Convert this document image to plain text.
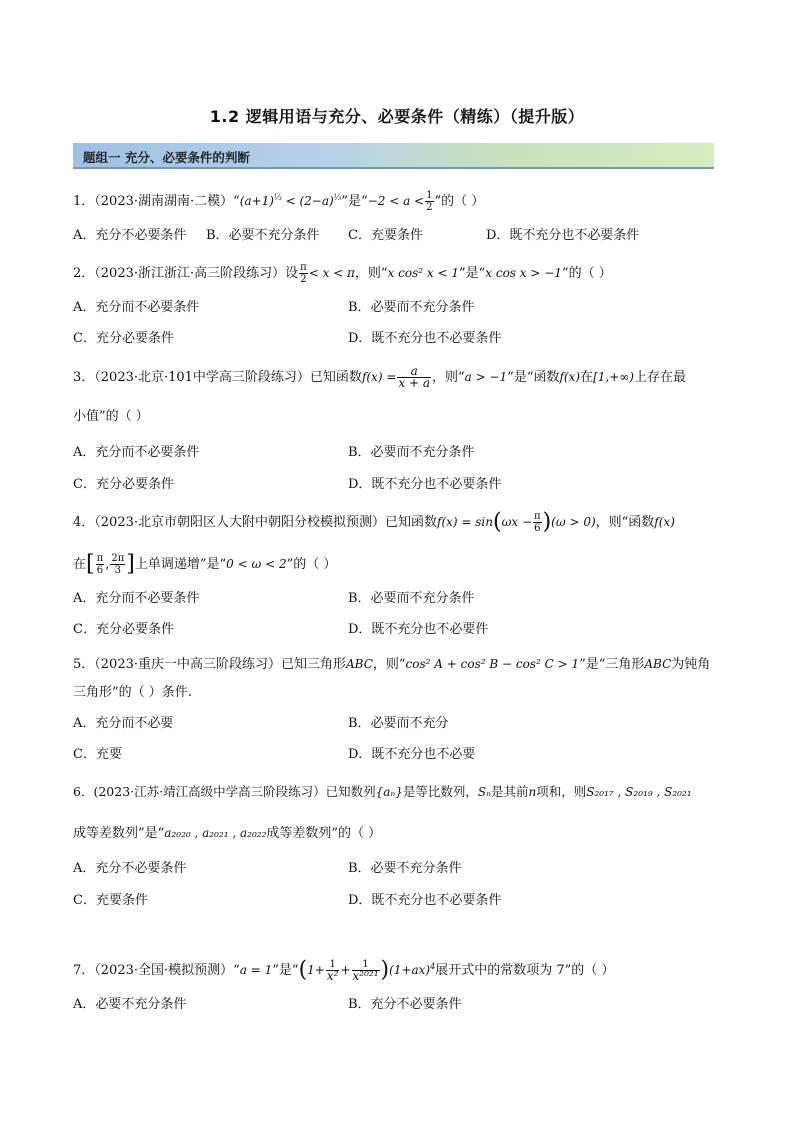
1.2 逻辑用语与充分、必要条件（精练）（提升版）
题组一 充分、必要条件的判断
1．（2023·湖南湖南·二模）“$(a+1)^{\frac{1}{3}} < (2-a)^{\frac{1}{3}}$”是“$-2 < a < \frac{1}{2}$ ”的（ ）
A．充分不必要条件 B．必要不充分条件 C．充要条件	D．既不充分也不必要条件
2．（2023·浙江浙江·高三阶段练习）设 $\frac{\pi}{2} < x < \pi$，则“x cos² x < 1”是“x cos x > −1”的（ ）
A．充分而不必要条件	B．必要而不充分条件
C．充分必要条件	D．既不充分也不必要条件
3．（2023·北京·101中学高三阶段练习）已知函数$f(x) = \frac{a}{x + a}$ ，则“a > −1”是“函数f(x)在[1,+∞)上存在最
小值”的（ ）
A．充分而不必要条件	B．必要而不充分条件
C．充分必要条件	D．既不充分也不必要条件
4．（2023·北京市朝阳区人大附中朝阳分校模拟预测）已知函数$f(x) = \sin(\omega x - \frac{\pi}{6} )(\omega > 0)$，则“函数f(x)
在[ $\frac{\pi}{6}$ , $\frac{2\pi}{3}$ ]上单调递增”是“0 < ω < 2”的（ ）
A．充分而不必要条件	B．必要而不充分条件
C．充分必要条件	D．既不充分也不必要件
5．（2023·重庆一中高三阶段练习）已知三角形ABC，则“cos² A + cos² B − cos² C > 1”是“三角形ABC为钝角
三角形”的（ ）条件.
A．充分而不必要	B．必要而不充分
C．充要	D．既不充分也不必要
6．(2023·江苏·靖江高级中学高三阶段练习）已知数列{aₙ}是等比数列，Sₙ是其前n项和，则S₂₀₁₇ , S₂₀₁₉ , S₂₀₂₁
成等差数列”是“a₂₀₂₀ , a₂₀₂₁ , a₂₀₂₂成等差数列”的（ ）
A．充分不必要条件	B．必要不充分条件
C．充要条件	D．既不充分也不必要条件
7．（2023·全国·模拟预测）“a = 1”是“$(1+ \frac{1}{\text{x²}} + \frac{1}{\text{x²⁰²¹}} )(1+ax)^4$展开式中的常数项为 7”的（ ）
A．必要不充分条件	B．充分不必要条件
